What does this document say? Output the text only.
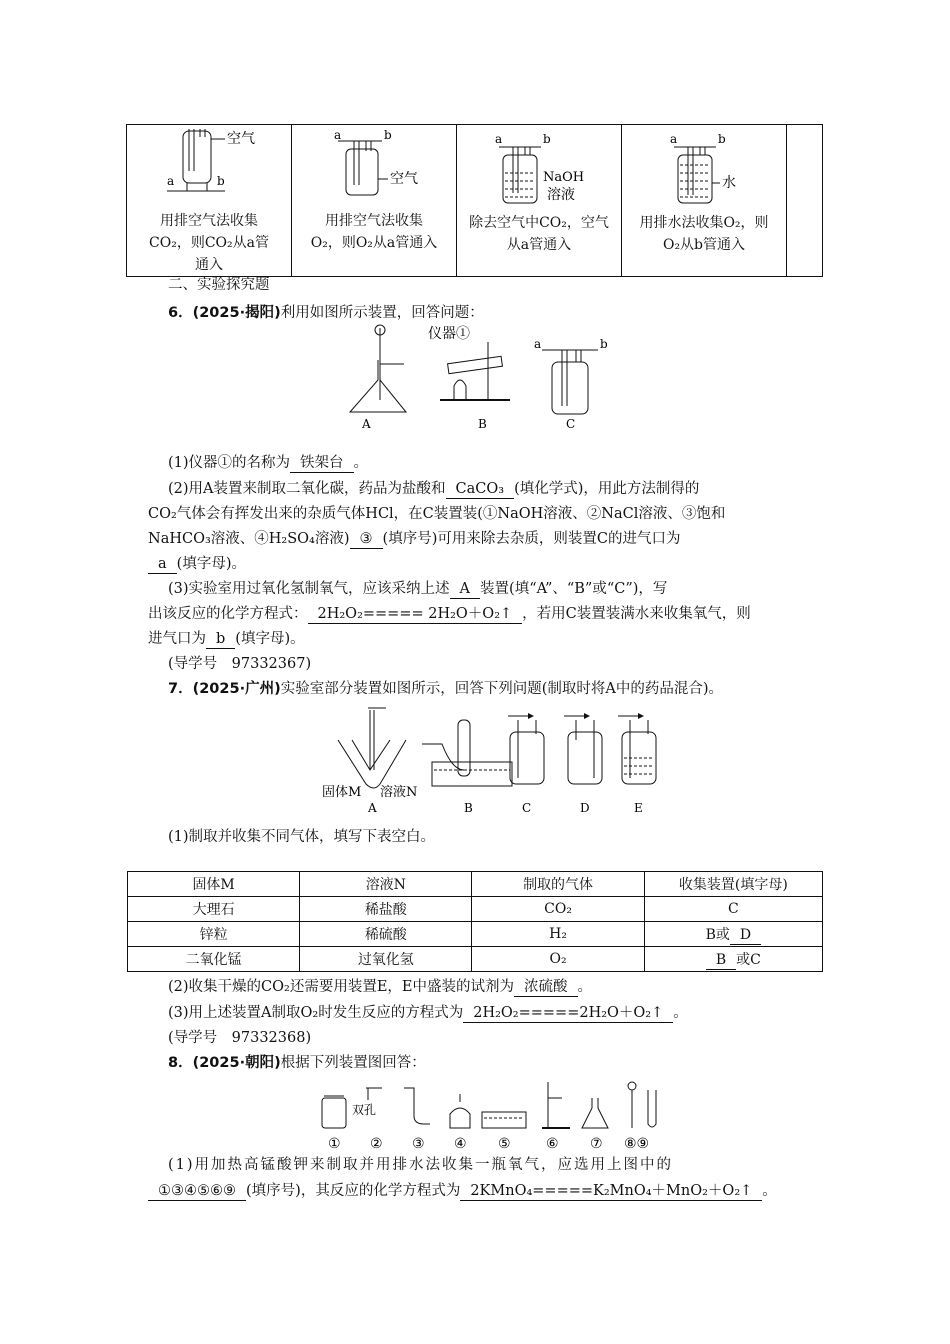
空气
a	b
用排空气法收集CO₂，则CO₂从a管通入

a	b
空气
用排空气法收集O₂，则O₂从a管通入

a	b
NaOH
溶液
除去空气中CO₂，空气从a管通入

a	b
水
用排水法收集O₂，则O₂从b管通入

二、实验探究题
6．(2025·揭阳)利用如图所示装置，回答问题：
A
仪器①
B
a	b
C
(1)仪器①的名称为 铁架台 。
(2)用A装置来制取二氧化碳，药品为盐酸和 CaCO₃ (填化学式)，用此方法制得的
CO₂气体会有挥发出来的杂质气体HCl，在C装置装(①NaOH溶液、②NaCl溶液、③饱和
NaHCO₃溶液、④H₂SO₄溶液) ③ (填序号)可用来除去杂质，则装置C的进气口为
a (填字母)。
(3)实验室用过氧化氢制氧气，应该采纳上述 A 装置(填“A”、“B”或“C”)，写
出该反应的化学方程式： 2H₂O₂===== 2H₂O＋O₂↑ ，若用C装置装满水来收集氧气，则
进气口为 b (填字母)。
(导学号　97332367)
7．(2025·广州)实验室部分装置如图所示，回答下列问题(制取时将A中的药品混合)。
固体M 溶液N
A	B	C	D	E
(1)制取并收集不同气体，填写下表空白。
固体M	溶液N	制取的气体	收集装置(填字母)
大理石	稀盐酸	CO₂	C
锌粒	稀硫酸	H₂	B或 D
二氧化锰	过氧化氢	O₂	B 或C
(2)收集干燥的CO₂还需要用装置E，E中盛装的试剂为 浓硫酸 。
(3)用上述装置A制取O₂时发生反应的方程式为 2H₂O₂=====2H₂O＋O₂↑ 。
(导学号　97332368)
8．(2025·朝阳)根据下列装置图回答：
双孔
① ② ③ ④ ⑤	⑥ ⑦ ⑧⑨
(1)用加热高锰酸钾来制取并用排水法收集一瓶氧气，应选用上图中的
①③④⑤⑥⑨ (填序号)，其反应的化学方程式为 2KMnO₄=====K₂MnO₄＋MnO₂＋O₂↑ 。
